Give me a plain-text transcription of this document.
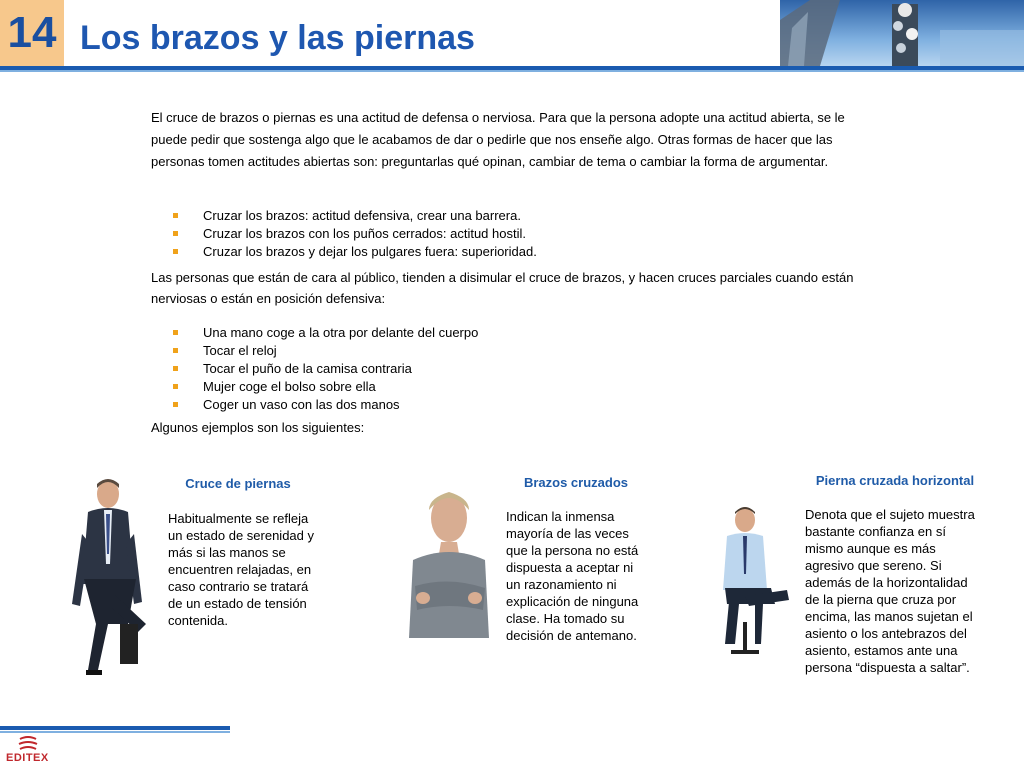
14 Los brazos y las piernas
El cruce de brazos o piernas es una actitud de defensa o nerviosa. Para que la persona adopte una actitud abierta, se le puede pedir que sostenga algo que le acabamos de dar o pedirle que nos enseñe algo. Otras formas de hacer que las personas tomen actitudes abiertas son: preguntarlas qué opinan, cambiar de tema o cambiar la forma de argumentar.
Cruzar los brazos: actitud defensiva, crear una barrera.
Cruzar los brazos con los puños cerrados: actitud hostil.
Cruzar los brazos y dejar los pulgares fuera: superioridad.
Las personas que están de cara al público, tienden a disimular el cruce de brazos, y hacen cruces parciales cuando están nerviosas o están en posición defensiva:
Una mano coge a la otra por delante del cuerpo
Tocar el reloj
Tocar el puño de la camisa contraria
Mujer coge el bolso sobre ella
Coger un vaso con las dos manos
Algunos ejemplos son los siguientes:
Cruce de piernas
Habitualmente se refleja un estado de serenidad y más si las manos se encuentren relajadas, en caso contrario se tratará de un estado de tensión contenida.
Brazos cruzados
Indican la inmensa mayoría de las veces que la persona no está dispuesta a aceptar ni un razonamiento ni explicación de ninguna clase. Ha tomado su decisión de antemano.
Pierna cruzada horizontal
Denota que el sujeto muestra bastante confianza en sí mismo aunque es más agresivo que sereno. Si además de la horizontalidad de la pierna que cruza por encima, las manos sujetan el asiento o los antebrazos del asiento, estamos ante una persona “dispuesta a saltar”.
EDITEX
